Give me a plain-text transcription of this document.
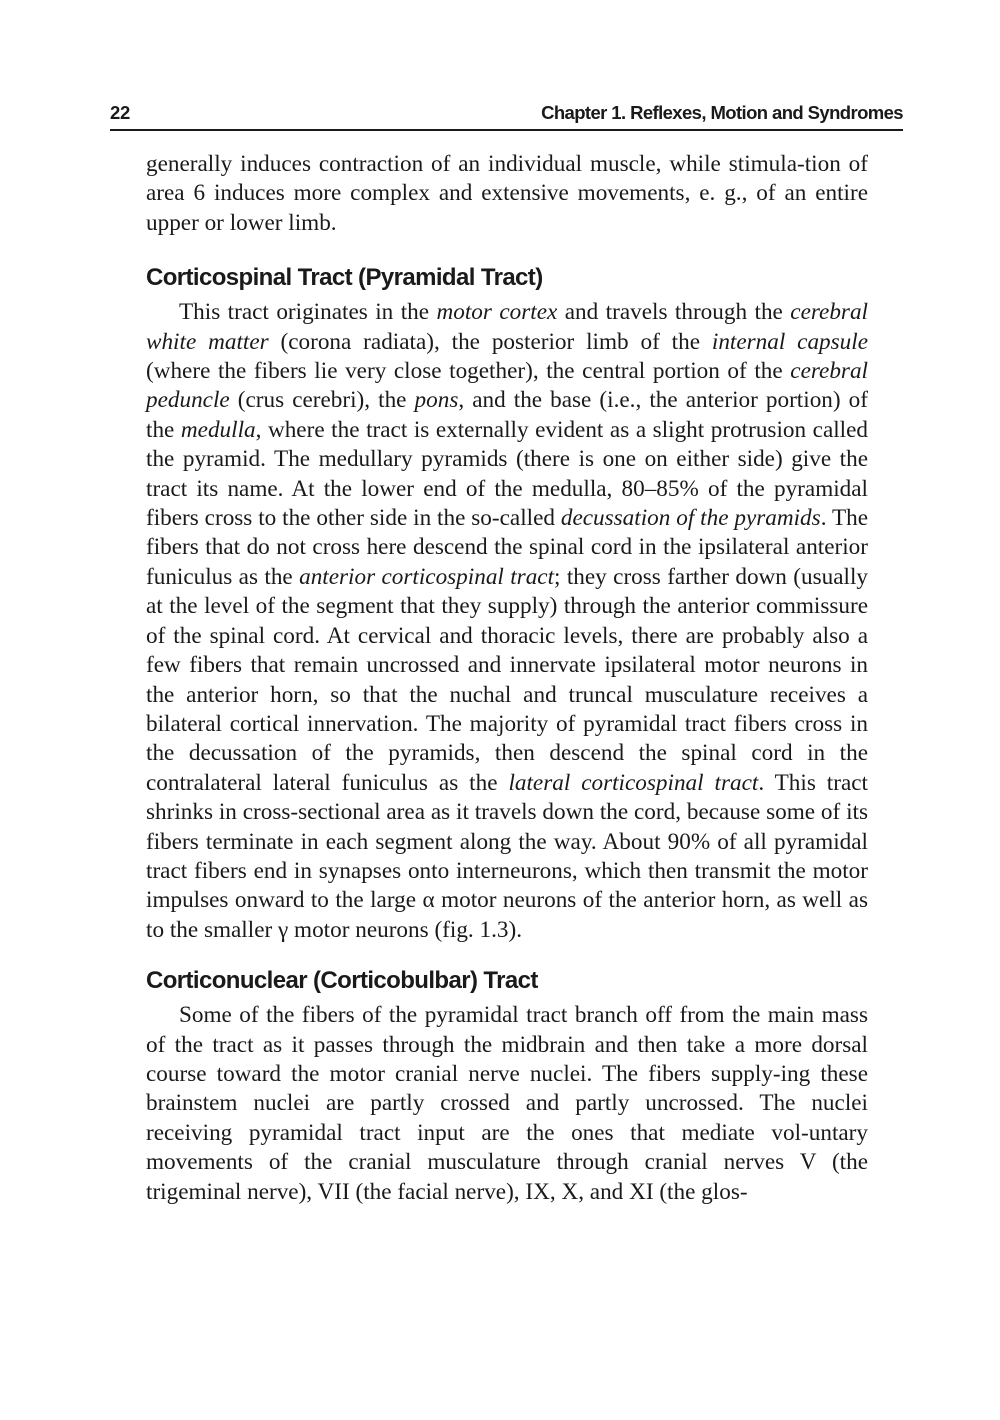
22	Chapter 1. Reflexes, Motion and Syndromes

generally induces contraction of an individual muscle, while stimula-tion of area 6 induces more complex and extensive movements, e. g., of an entire upper or lower limb.

Corticospinal Tract (Pyramidal Tract)

This tract originates in the motor cortex and travels through the cerebral white matter (corona radiata), the posterior limb of the internal capsule (where the fibers lie very close together), the central portion of the cerebral peduncle (crus cerebri), the pons, and the base (i.e., the anterior portion) of the medulla, where the tract is externally evident as a slight protrusion called the pyramid. The medullary pyramids (there is one on either side) give the tract its name. At the lower end of the medulla, 80–85% of the pyramidal fibers cross to the other side in the so-called decussation of the pyramids. The fibers that do not cross here descend the spinal cord in the ipsilateral anterior funiculus as the anterior corticospinal tract; they cross farther down (usually at the level of the segment that they supply) through the anterior commissure of the spinal cord. At cervical and thoracic levels, there are probably also a few fibers that remain uncrossed and innervate ipsilateral motor neurons in the anterior horn, so that the nuchal and truncal musculature receives a bilateral cortical innervation. The majority of pyramidal tract fibers cross in the decussation of the pyramids, then descend the spinal cord in the contralateral lateral funiculus as the lateral corticospinal tract. This tract shrinks in cross-sectional area as it travels down the cord, because some of its fibers terminate in each segment along the way. About 90% of all pyramidal tract fibers end in synapses onto interneurons, which then transmit the motor impulses onward to the large α motor neurons of the anterior horn, as well as to the smaller γ motor neurons (fig. 1.3).

Corticonuclear (Corticobulbar) Tract

Some of the fibers of the pyramidal tract branch off from the main mass of the tract as it passes through the midbrain and then take a more dorsal course toward the motor cranial nerve nuclei. The fibers supply-ing these brainstem nuclei are partly crossed and partly uncrossed. The nuclei receiving pyramidal tract input are the ones that mediate vol-untary movements of the cranial musculature through cranial nerves V (the trigeminal nerve), VII (the facial nerve), IX, X, and XI (the glos-
